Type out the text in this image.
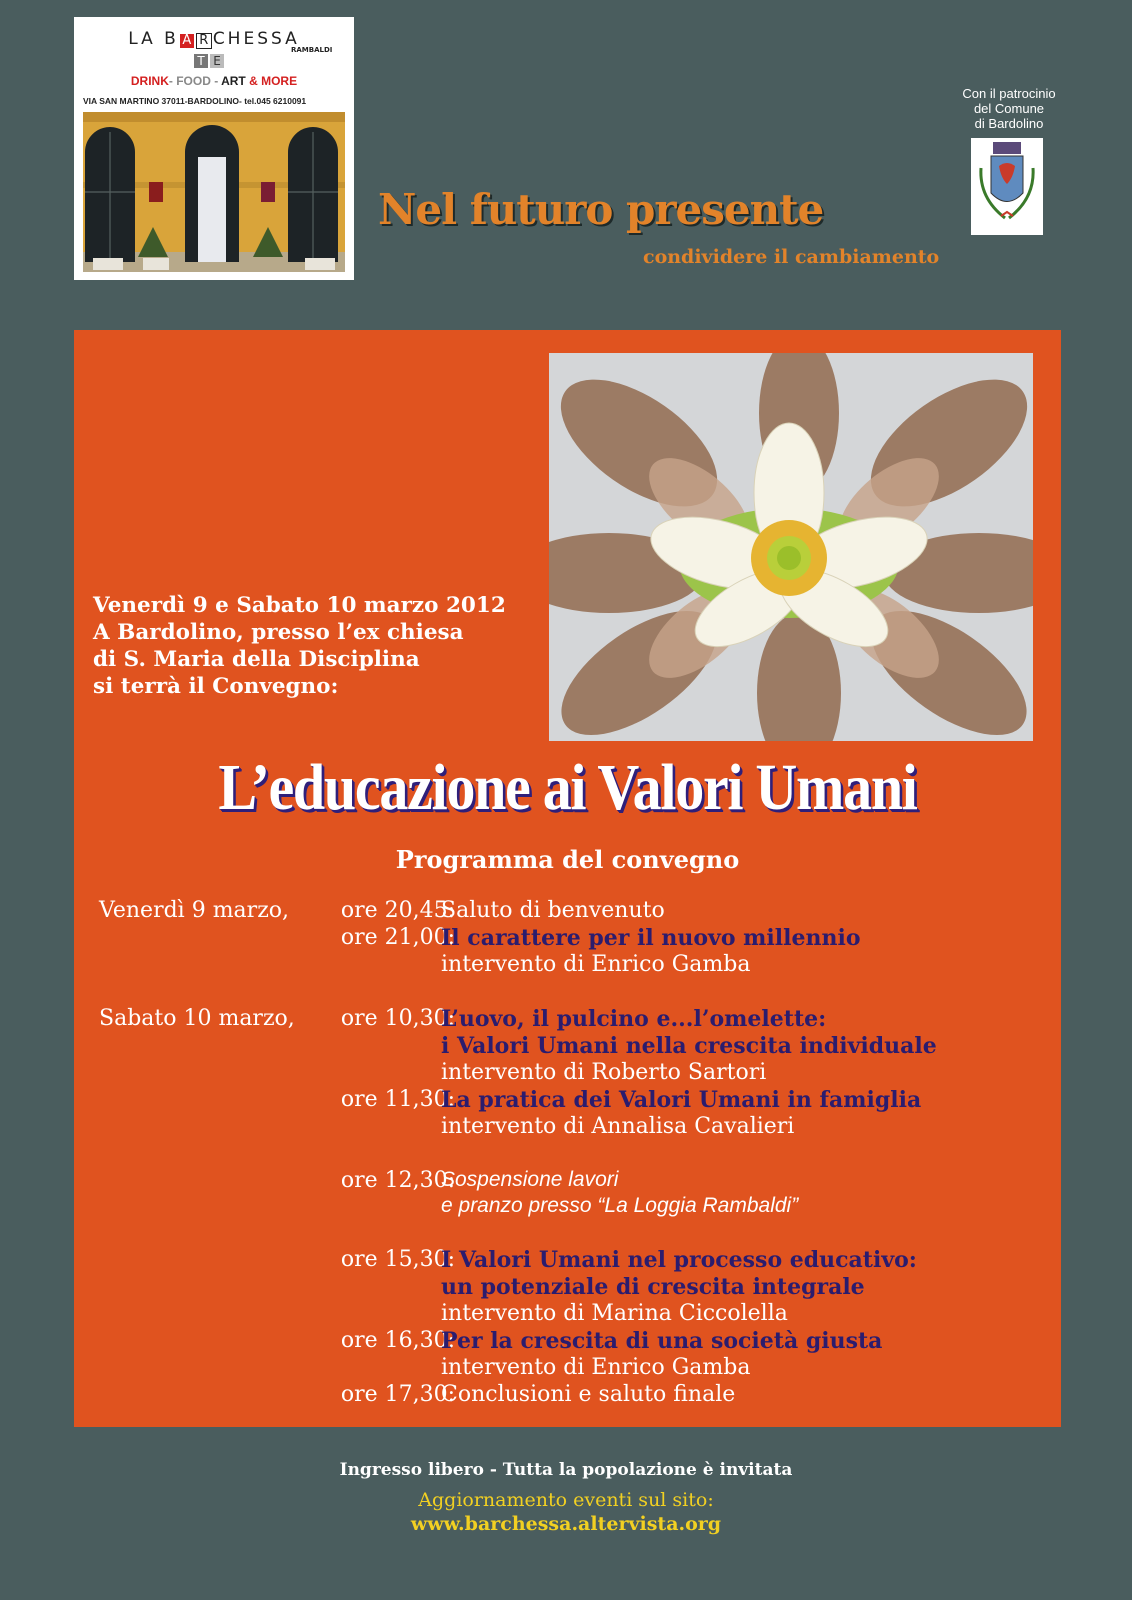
LA B A R CHESSA
T E
RAMBALDI
DRINK- FOOD - ART & MORE
VIA SAN MARTINO 37011-BARDOLINO- tel.045 6210091
Nel futuro presente
condividere il cambiamento
Con il patrocinio
del Comune
di Bardolino
Venerdì 9 e Sabato 10 marzo 2012
A Bardolino, presso l’ex chiesa
di S. Maria della Disciplina
si terrà il Convegno:
L’educazione ai Valori Umani
Programma del convegno
Venerdì 9 marzo, ore 20,45:
Saluto di benvenuto
ore 21,00:
Il carattere per il nuovo millennio
intervento di Enrico Gamba
Sabato 10 marzo, ore 10,30:
L’uovo, il pulcino e...l’omelette:
i Valori Umani nella crescita individuale
intervento di Roberto Sartori
ore 11,30:
La pratica dei Valori Umani in famiglia
intervento di Annalisa Cavalieri
ore 12,30:
Sospensione lavori
e pranzo presso “La Loggia Rambaldi”
ore 15,30:
I Valori Umani nel processo educativo:
un potenziale di crescita integrale
intervento di Marina Ciccolella
ore 16,30:
Per la crescita di una società giusta
intervento di Enrico Gamba
ore 17,30:
Conclusioni e saluto finale
Ingresso libero - Tutta la popolazione è invitata
Aggiornamento eventi sul sito:
www.barchessa.altervista.org
